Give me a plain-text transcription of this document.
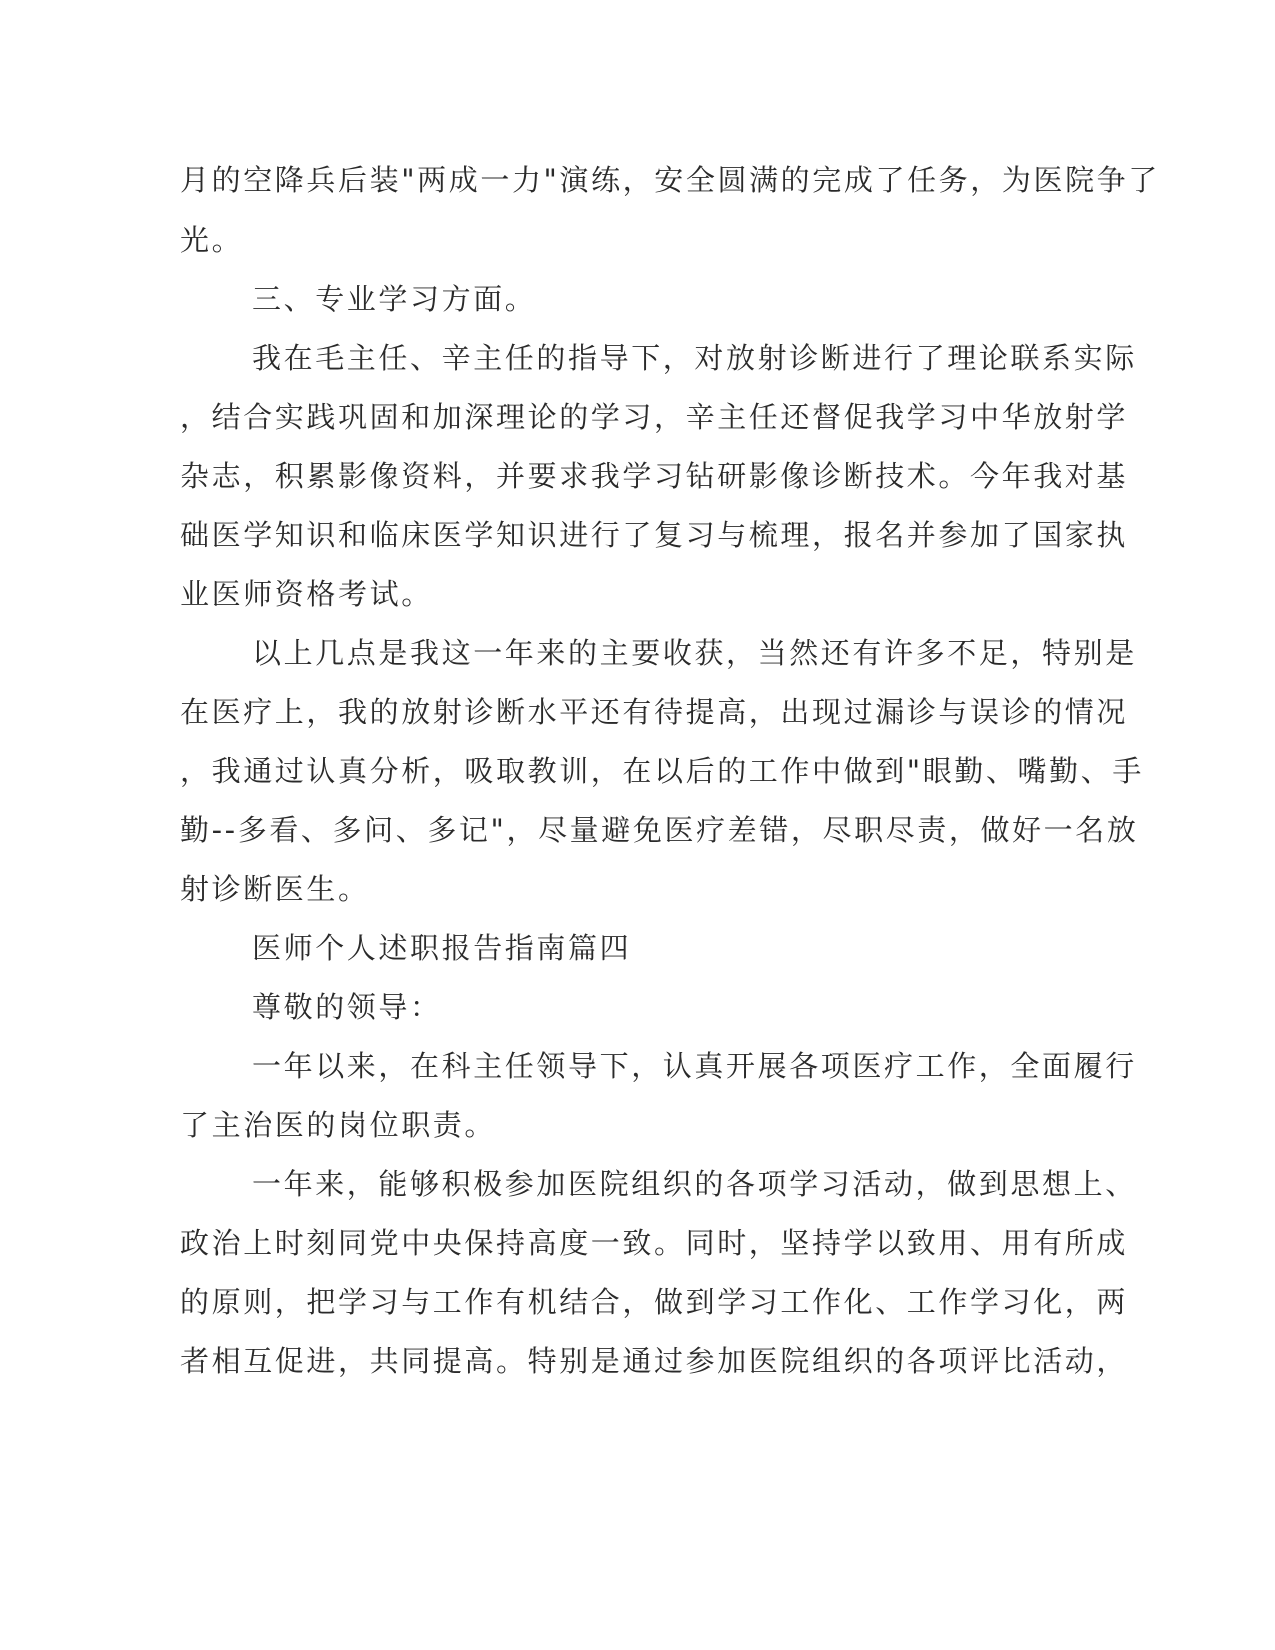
月的空降兵后装"两成一力"演练，安全圆满的完成了任务，为医院争了

光。

三、专业学习方面。

我在毛主任、辛主任的指导下，对放射诊断进行了理论联系实际

，结合实践巩固和加深理论的学习，辛主任还督促我学习中华放射学

杂志，积累影像资料，并要求我学习钻研影像诊断技术。今年我对基

础医学知识和临床医学知识进行了复习与梳理，报名并参加了国家执

业医师资格考试。

以上几点是我这一年来的主要收获，当然还有许多不足，特别是

在医疗上，我的放射诊断水平还有待提高，出现过漏诊与误诊的情况

，我通过认真分析，吸取教训，在以后的工作中做到"眼勤、嘴勤、手

勤--多看、多问、多记"，尽量避免医疗差错，尽职尽责，做好一名放

射诊断医生。

医师个人述职报告指南篇四

尊敬的领导：

一年以来，在科主任领导下，认真开展各项医疗工作，全面履行

了主治医的岗位职责。

一年来，能够积极参加医院组织的各项学习活动，做到思想上、

政治上时刻同党中央保持高度一致。同时，坚持学以致用、用有所成

的原则，把学习与工作有机结合，做到学习工作化、工作学习化，两

者相互促进，共同提高。特别是通过参加医院组织的各项评比活动，
